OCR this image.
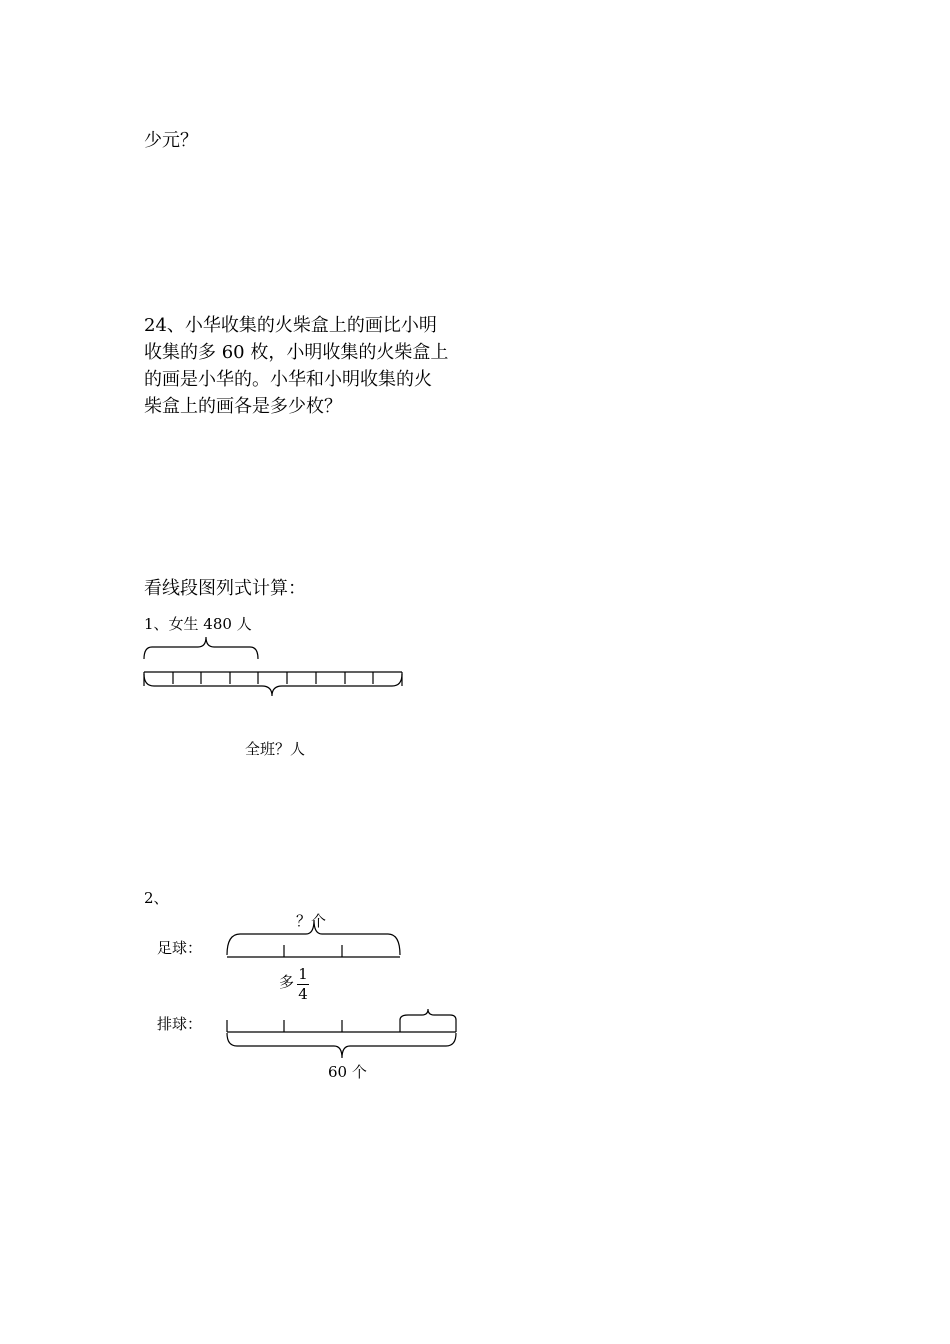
少元？
24、小华收集的火柴盒上的画比小明
收集的多 60 枚，小明收集的火柴盒上
的画是小华的。小华和小明收集的火
柴盒上的画各是多少枚？
看线段图列式计算：
1、女生 480 人
全班？人
2、
足球：
？个
多 1
4
排球：
60 个
